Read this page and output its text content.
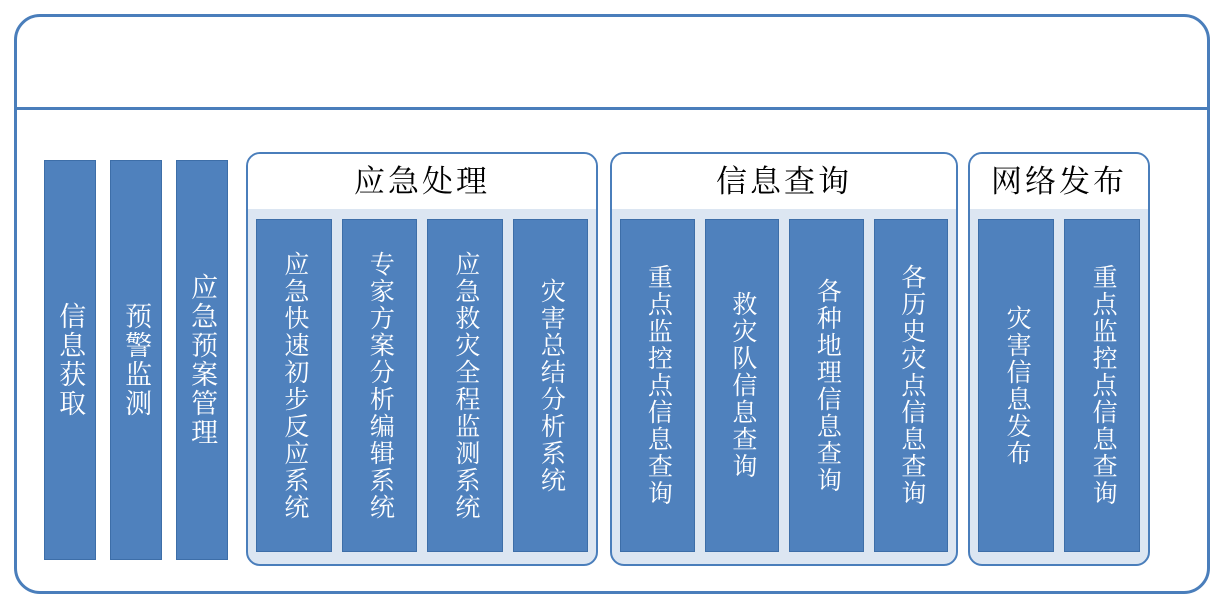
信息获取 预警监测 应急预案管理
应急处理
应急快速初步反应系统 专家方案分析编辑系统 应急救灾全程监测系统 灾害总结分析系统
信息查询
重点监控点信息查询 救灾队信息查询 各种地理信息查询 各历史灾点信息查询
网络发布
灾害信息发布 重点监控点信息查询
